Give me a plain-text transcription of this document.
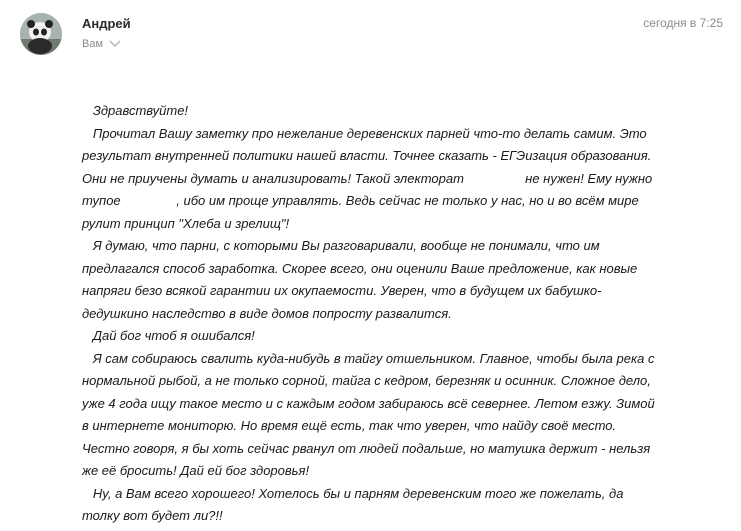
Андрей
Вам
сегодня в 7:25
Здравствуйте!
Прочитал Вашу заметку про нежелание деревенских парней что-то делать самим. Это
результат внутренней политики нашей власти. Точнее сказать - ЕГЭизация образования.
Они не приучены думать и анализировать! Такой электорат	не нужен! Ему нужно
тупое	, ибо им проще управлять. Ведь сейчас не только у нас, но и во всём мире
рулит принцип "Хлеба и зрелищ"!
Я думаю, что парни, с которыми Вы разговаривали, вообще не понимали, что им
предлагался способ заработка. Скорее всего, они оценили Ваше предложение, как новые
напряги безо всякой гарантии их окупаемости. Уверен, что в будущем их бабушко-
дедушкино наследство в виде домов попросту развалится.
Дай бог чтоб я ошибался!
Я сам собираюсь свалить куда-нибудь в тайгу отшельником. Главное, чтобы была река с
нормальной рыбой, а не только сорной, тайга с кедром, березняк и осинник. Сложное дело,
уже 4 года ищу такое место и с каждым годом забираюсь всё севернее. Летом езжу. Зимой
в интернете мониторю. Но время ещё есть, так что уверен, что найду своё место.
Честно говоря, я бы хоть сейчас рванул от людей подальше, но матушка держит - нельзя
же её бросить! Дай ей бог здоровья!
Ну, а Вам всего хорошего! Хотелось бы и парням деревенским того же пожелать, да
толку вот будет ли?!!
